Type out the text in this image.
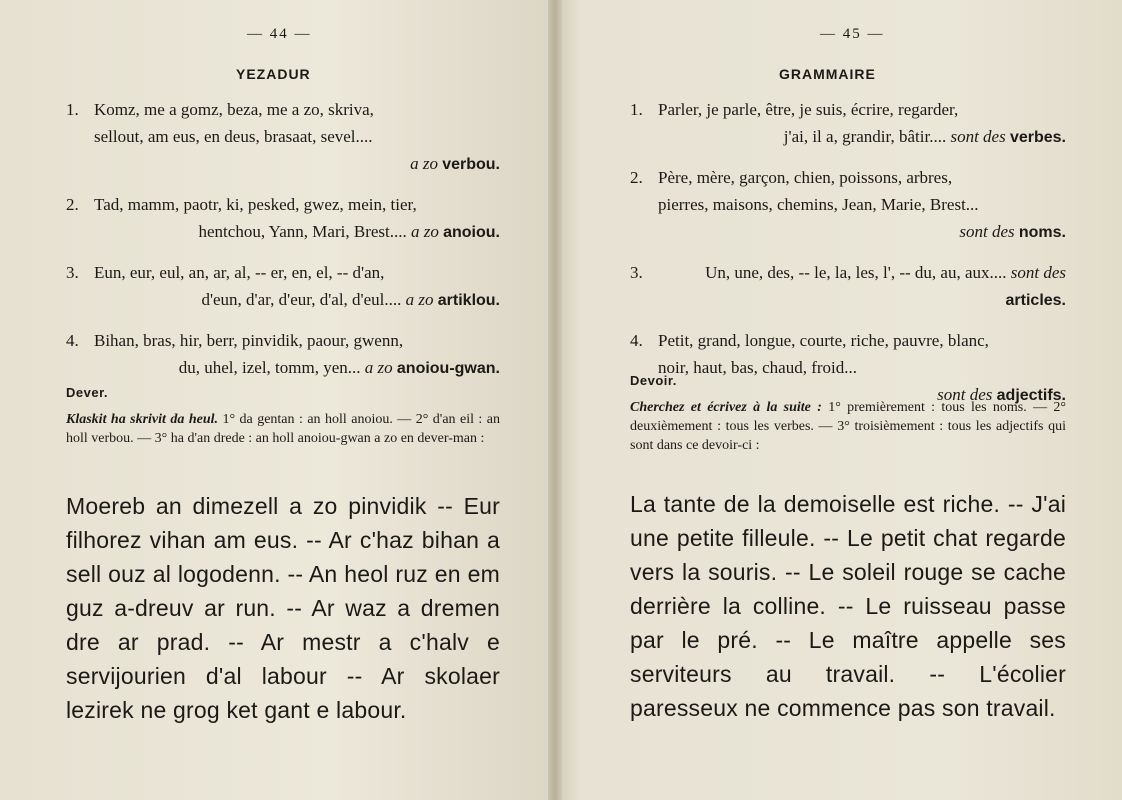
— 44 —
YEZADUR
1. Komz, me a gomz, beza, me a zo, skriva,
sellout, am eus, en deus, brasaat, sevel....
a zo verbou.
2. Tad, mamm, paotr, ki, pesked, gwez, mein, tier,
hentchou, Yann, Mari, Brest.... a zo anoiou.
3. Eun, eur, eul, an, ar, al, -- er, en, el, -- d'an,
d'eun, d'ar, d'eur, d'al, d'eul.... a zo artiklou.
4. Bihan, bras, hir, berr, pinvidik, paour, gwenn,
du, uhel, izel, tomm, yen... a zo anoiou-gwan.
Dever.
Klaskit ha skrivit da heul. 1° da gentan : an holl anoiou. — 2° d'an eil : an holl verbou. — 3° ha d'an drede : an holl anoiou-gwan a zo en dever-man :
Moereb an dimezell a zo pinvidik -- Eur filhorez vihan am eus. -- Ar c'haz bihan a sell ouz al logodenn. -- An heol ruz en em guz a-dreuv ar run. -- Ar waz a dremen dre ar prad. -- Ar mestr a c'halv e servijourien d'al labour -- Ar skolaer lezirek ne grog ket gant e labour.
— 45 —
GRAMMAIRE
1. Parler, je parle, être, je suis, écrire, regarder,
j'ai, il a, grandir, bâtir.... sont des verbes.
2. Père, mère, garçon, chien, poissons, arbres,
pierres, maisons, chemins, Jean, Marie, Brest...
sont des noms.
3.	Un, une, des, -- le, la, les, l', -- du, au, aux.... sont des articles.
4. Petit, grand, longue, courte, riche, pauvre, blanc,
noir, haut, bas, chaud, froid...
sont des adjectifs.
Devoir.
Cherchez et écrivez à la suite : 1° premièrement : tous les noms. — 2° deuxièmement : tous les verbes. — 3° troisièmement : tous les adjectifs qui sont dans ce devoir-ci :
La tante de la demoiselle est riche. -- J'ai une petite filleule. -- Le petit chat regarde vers la souris. -- Le soleil rouge se cache derrière la colline. -- Le ruisseau passe par le pré. -- Le maître appelle ses serviteurs au travail. -- L'écolier paresseux ne commence pas son travail.
